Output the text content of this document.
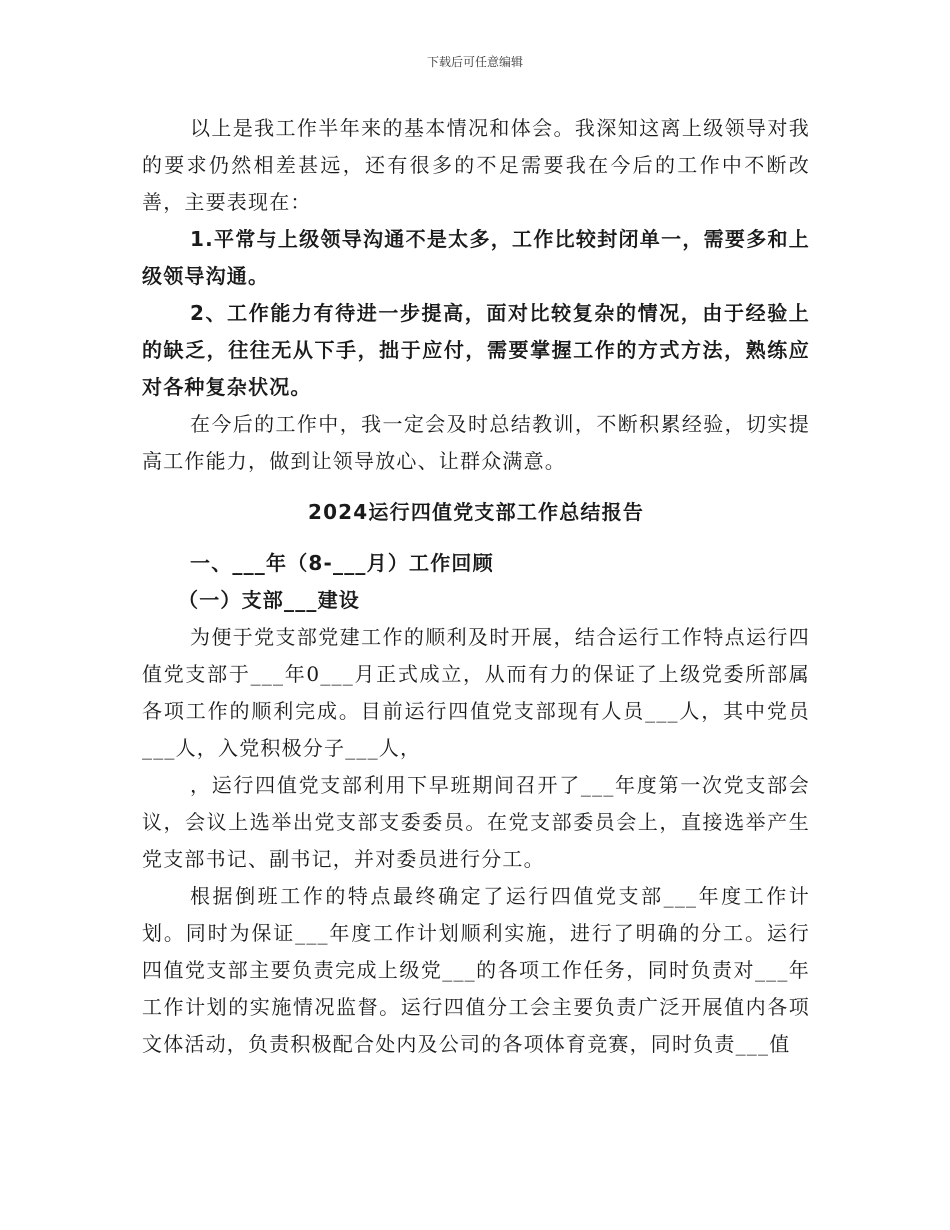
下载后可任意编辑

以上是我工作半年来的基本情况和体会。我深知这离上级领导对我的要求仍然相差甚远，还有很多的不足需要我在今后的工作中不断改善，主要表现在：

1.平常与上级领导沟通不是太多，工作比较封闭单一，需要多和上级领导沟通。

2、工作能力有待进一步提高，面对比较复杂的情况，由于经验上的缺乏，往往无从下手，拙于应付，需要掌握工作的方式方法，熟练应对各种复杂状况。

在今后的工作中，我一定会及时总结教训，不断积累经验，切实提高工作能力，做到让领导放心、让群众满意。

2024运行四值党支部工作总结报告

一、___年（8-___月）工作回顾

（一）支部___建设

为便于党支部党建工作的顺利及时开展，结合运行工作特点运行四值党支部于___年0___月正式成立，从而有力的保证了上级党委所部属各项工作的顺利完成。目前运行四值党支部现有人员___人，其中党员___人，入党积极分子___人，

，运行四值党支部利用下早班期间召开了___年度第一次党支部会议，会议上选举出党支部支委委员。在党支部委员会上，直接选举产生党支部书记、副书记，并对委员进行分工。

根据倒班工作的特点最终确定了运行四值党支部___年度工作计划。同时为保证___年度工作计划顺利实施，进行了明确的分工。运行四值党支部主要负责完成上级党___的各项工作任务，同时负责对___年工作计划的实施情况监督。运行四值分工会主要负责广泛开展值内各项文体活动，负责积极配合处内及公司的各项体育竞赛，同时负责___值
